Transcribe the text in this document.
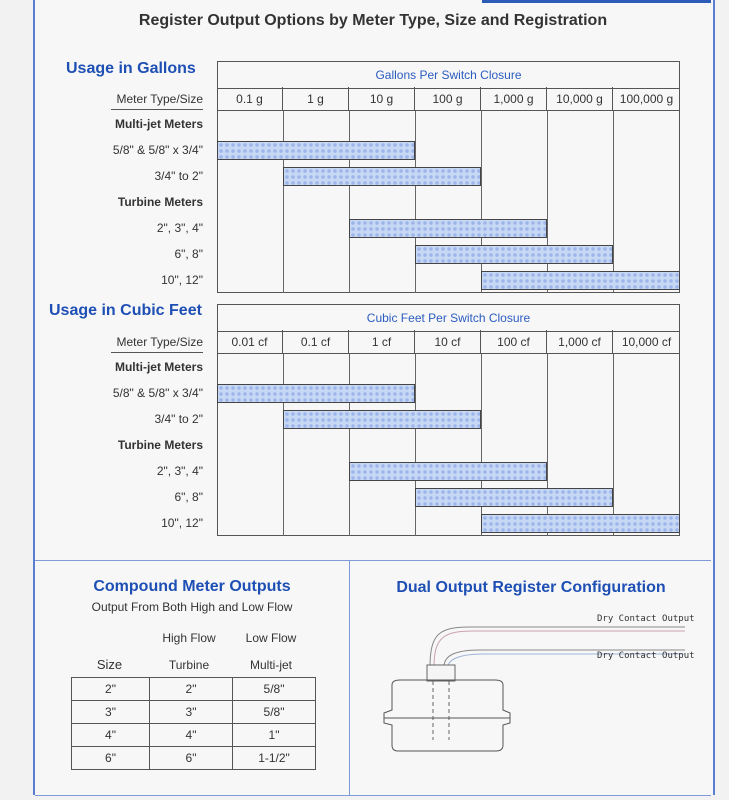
Register Output Options by Meter Type, Size and Registration
Usage in Gallons	Gallons Per Switch Closure
0.1 g	1 g	10 g	100 g	1,000 g	10,000 g	100,000 g
Meter Type/Size
Multi-jet Meters
5/8" & 5/8" x 3/4"
3/4" to 2"
Turbine Meters
2", 3", 4"
6", 8"
10", 12"
Usage in Cubic Feet	Cubic Feet Per Switch Closure
0.01 cf	0.1 cf	1 cf	10 cf	100 cf	1,000 cf	10,000 cf
Meter Type/Size
Multi-jet Meters
5/8" & 5/8" x 3/4"
3/4" to 2"
Turbine Meters
2", 3", 4"
6", 8"
10", 12"
Compound Meter Outputs
Output From Both High and Low Flow
High Flow	Low Flow
Size	Turbine	Multi-jet
2"	2"	5/8"
3"	3"	5/8"
4"	4"	1"
6"	6"	1-1/2"
Dual Output Register Configuration
Dry Contact Output
Dry Contact Output
